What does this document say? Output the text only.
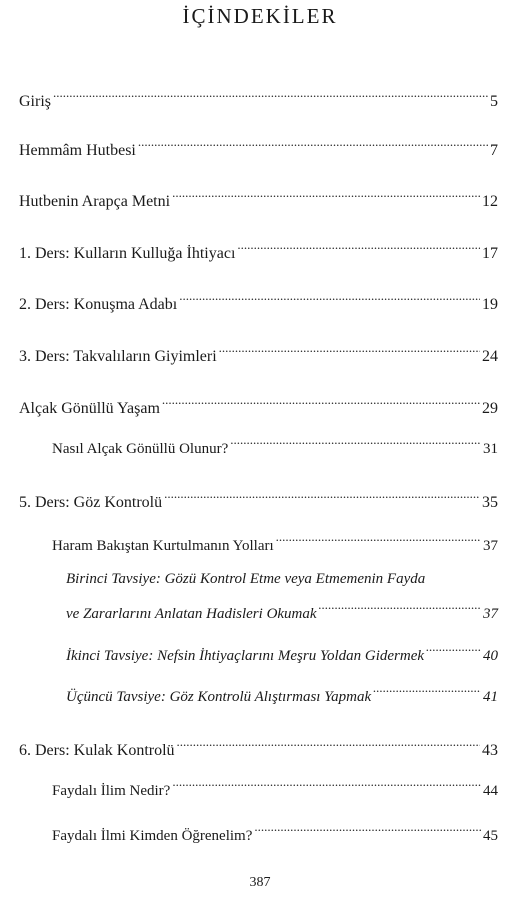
İÇİNDEKİLER
Giriş .....	5
Hemmâm Hutbesi .....	7
Hutbenin Arapça Metni .....	12
1. Ders: Kulların Kulluğa İhtiyacı .....	17
2. Ders: Konuşma Adabı .....	19
3. Ders: Takvalıların Giyimleri .....	24
Alçak Gönüllü Yaşam .....	29
Nasıl Alçak Gönüllü Olunur? .....	31
5. Ders: Göz Kontrolü .....	35
Haram Bakıştan Kurtulmanın Yolları .....	37
Birinci Tavsiye: Gözü Kontrol Etme veya Etmemenin Fayda
ve Zararlarını Anlatan Hadisleri Okumak .....	37
İkinci Tavsiye: Nefsin İhtiyaçlarını Meşru Yoldan Gidermek .....	40
Üçüncü Tavsiye: Göz Kontrolü Alıştırması Yapmak .....	41
6. Ders: Kulak Kontrolü .....	43
Faydalı İlim Nedir? .....	44
Faydalı İlmi Kimden Öğrenelim? .....	45
387
